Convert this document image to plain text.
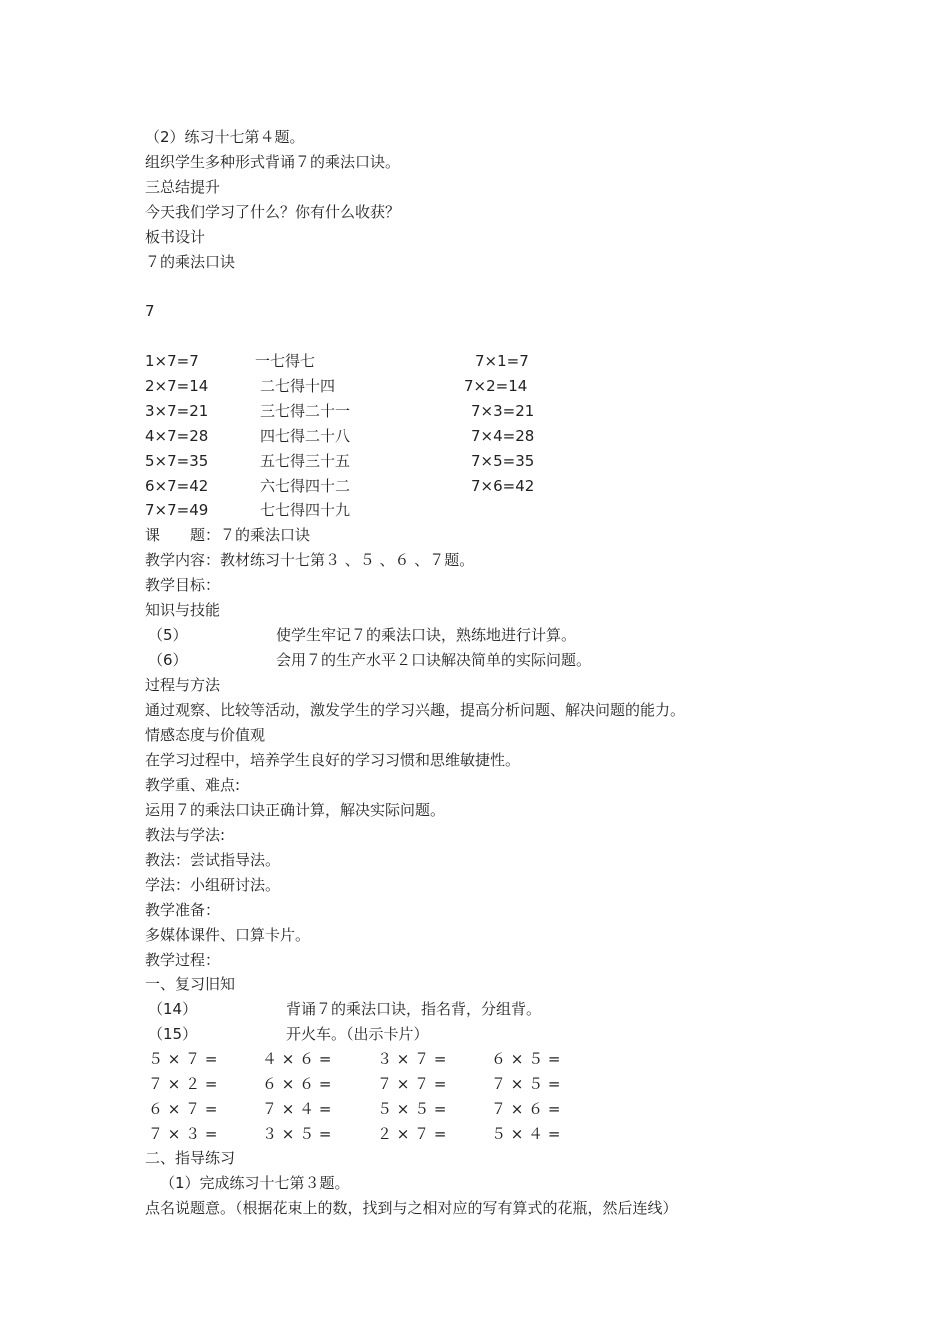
（2）练习十七第４题。
组织学生多种形式背诵７的乘法口诀。
三总结提升
今天我们学习了什么？你有什么收获？
板书设计
７的乘法口诀
7
1×7=7	一七得七	7×1=7
2×7=14	二七得十四	7×2=14
3×7=21	三七得二十一	7×3=21
4×7=28	四七得二十八	7×4=28
5×7=35	五七得三十五	7×5=35
6×7=42	六七得四十二	7×6=42
7×7=49	七七得四十九
课　　题：７的乘法口诀
教学内容：教材练习十七第３ 、５ 、６ 、７题。
教学目标：
知识与技能
（5）	使学生牢记７的乘法口诀，熟练地进行计算。
（6）	会用７的生产水平２口诀解决简单的实际问题。
过程与方法
通过观察、比较等活动，激发学生的学习兴趣，提高分析问题、解决问题的能力。
情感态度与价值观
在学习过程中，培养学生良好的学习习惯和思维敏捷性。
教学重、难点:
运用７的乘法口诀正确计算，解决实际问题。
教法与学法:
教法：尝试指导法。
学法：小组研讨法。
教学准备：
多媒体课件、口算卡片。
教学过程：
一、复习旧知
（14）	背诵７的乘法口诀，指名背，分组背。
（15）	开火车。（出示卡片）
５ × ７ =	４ × ６ =	３ × ７ =	６ × ５ =
７ × ２ =	６ × ６ =	７ × ７ =	７ × ５ =
６ × ７ =	７ × ４ =	５ × ５ =	７ × ６ =
７ × ３ =	３ × ５ =	２ × ７ =	５ × ４ =
二、指导练习
（1）完成练习十七第３题。
点名说题意。（根据花束上的数，找到与之相对应的写有算式的花瓶，然后连线）
